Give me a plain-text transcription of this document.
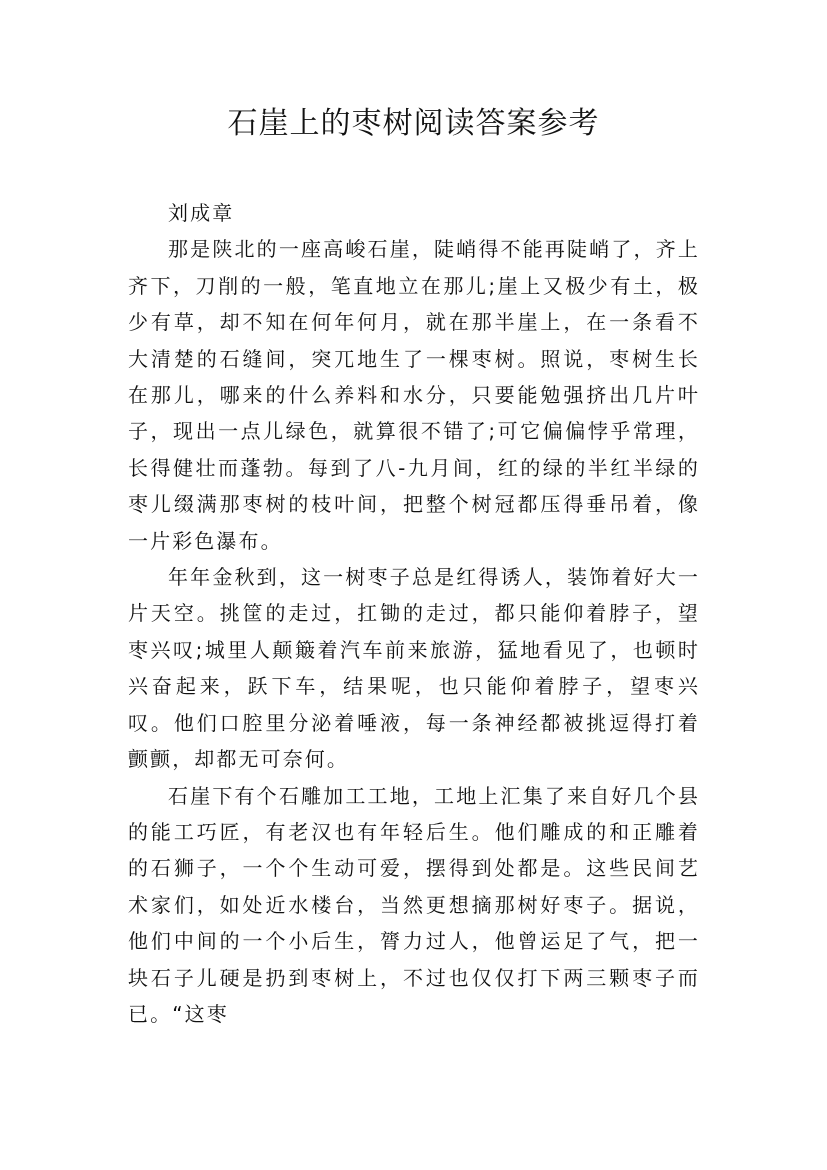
石崖上的枣树阅读答案参考

刘成章

那是陕北的一座高峻石崖，陡峭得不能再陡峭了，齐上齐下，刀削的一般，笔直地立在那儿;崖上又极少有土，极少有草，却不知在何年何月，就在那半崖上，在一条看不大清楚的石缝间，突兀地生了一棵枣树。照说，枣树生长在那儿，哪来的什么养料和水分，只要能勉强挤出几片叶子，现出一点儿绿色，就算很不错了;可它偏偏悖乎常理，长得健壮而蓬勃。每到了八-九月间，红的绿的半红半绿的枣儿缀满那枣树的枝叶间，把整个树冠都压得垂吊着，像一片彩色瀑布。

年年金秋到，这一树枣子总是红得诱人，装饰着好大一片天空。挑筐的走过，扛锄的走过，都只能仰着脖子，望枣兴叹;城里人颠簸着汽车前来旅游，猛地看见了，也顿时兴奋起来，跃下车，结果呢，也只能仰着脖子，望枣兴叹。他们口腔里分泌着唾液，每一条神经都被挑逗得打着颤颤，却都无可奈何。

石崖下有个石雕加工工地，工地上汇集了来自好几个县的能工巧匠，有老汉也有年轻后生。他们雕成的和正雕着的石狮子，一个个生动可爱，摆得到处都是。这些民间艺术家们，如处近水楼台，当然更想摘那树好枣子。据说，他们中间的一个小后生，膂力过人，他曾运足了气，把一块石子儿硬是扔到枣树上，不过也仅仅打下两三颗枣子而已。“这枣
